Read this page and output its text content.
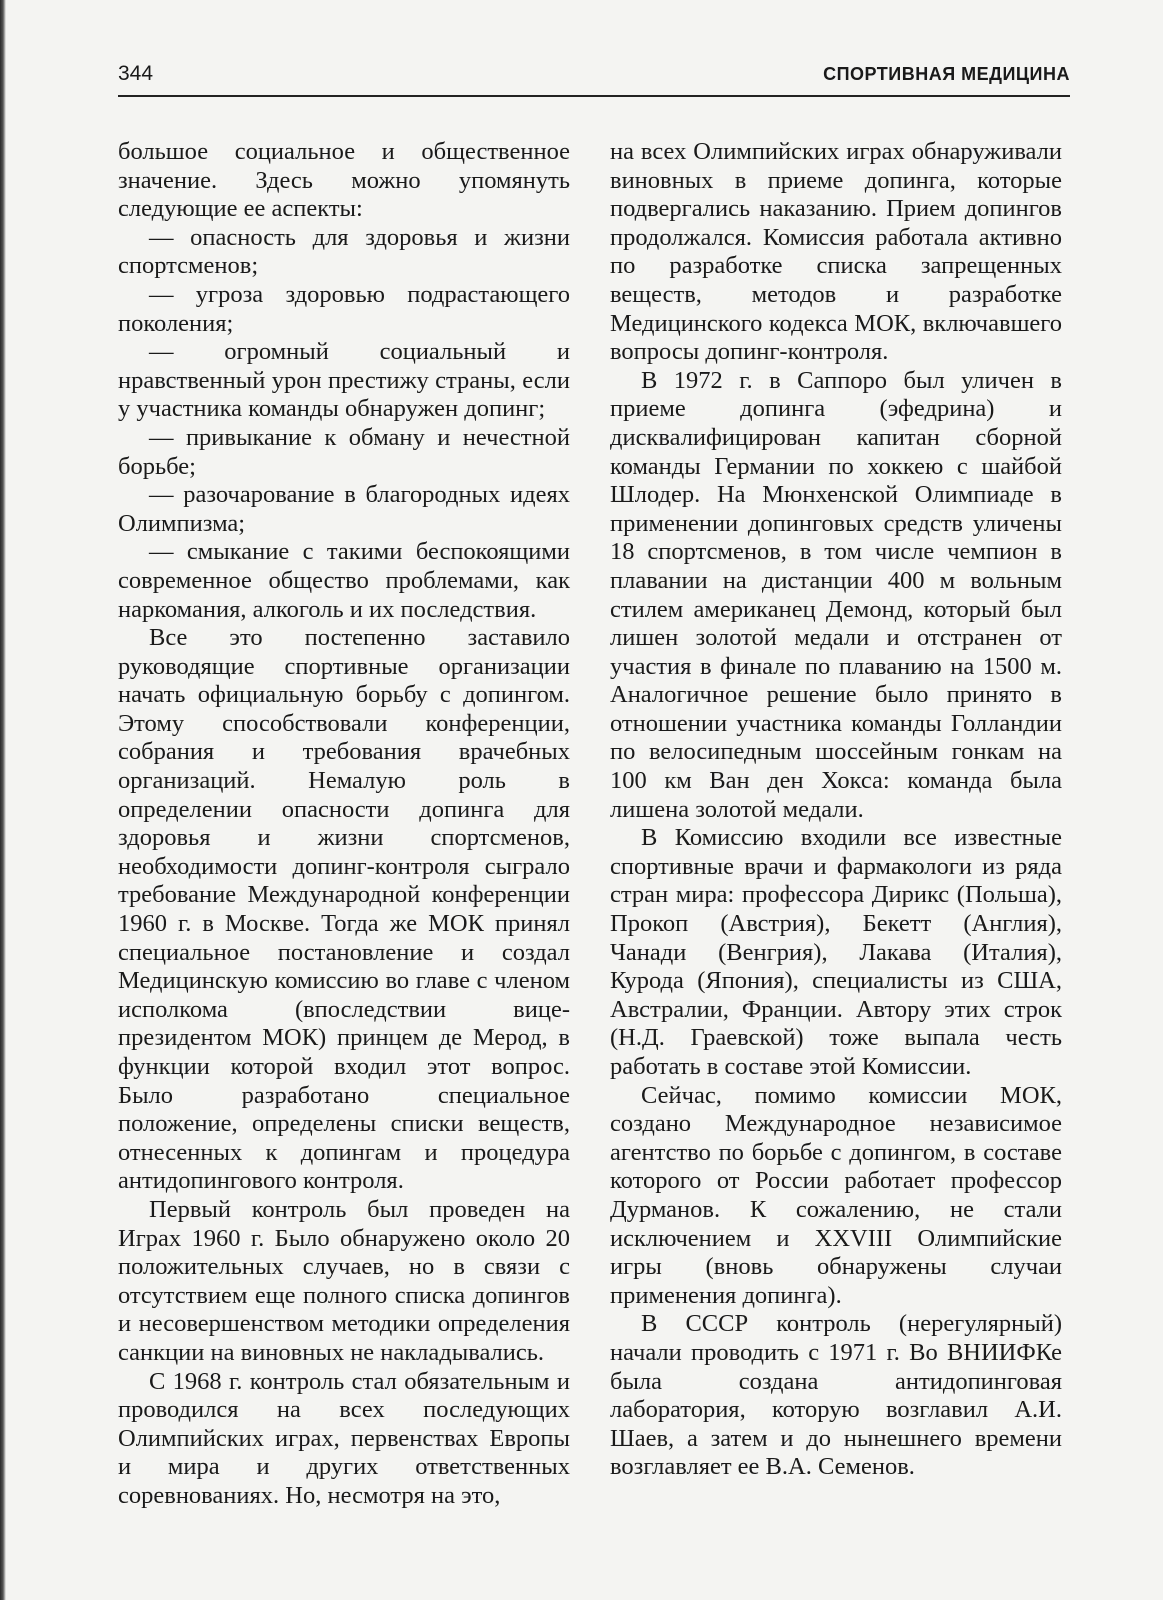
344	СПОРТИВНАЯ МЕДИЦИНА

большое социальное и общественное значение. Здесь можно упомянуть следующие ее аспекты:

— опасность для здоровья и жизни спортсменов;

— угроза здоровью подрастающего поколения;

— огромный социальный и нравственный урон престижу страны, если у участника команды обнаружен допинг;

— привыкание к обману и нечестной борьбе;

— разочарование в благородных идеях Олимпизма;

— смыкание с такими беспокоящими современное общество проблемами, как наркомания, алкоголь и их последствия.

Все это постепенно заставило руководящие спортивные организации начать официальную борьбу с допингом. Этому способствовали конференции, собрания и требования врачебных организаций. Немалую роль в определении опасности допинга для здоровья и жизни спортсменов, необходимости допинг-контроля сыграло требование Международной конференции 1960 г. в Москве. Тогда же МОК принял специальное постановление и создал Медицинскую комиссию во главе с членом исполкома (впоследствии вице-президентом МОК) принцем де Мерод, в функции которой входил этот вопрос. Было разработано специальное положение, определены списки веществ, отнесенных к допингам и процедура антидопингового контроля.

Первый контроль был проведен на Играх 1960 г. Было обнаружено около 20 положительных случаев, но в связи с отсутствием еще полного списка допингов и несовершенством методики определения санкции на виновных не накладывались.

С 1968 г. контроль стал обязательным и проводился на всех последующих Олимпийских играх, первенствах Европы и мира и других ответственных соревнованиях. Но, несмотря на это,

на всех Олимпийских играх обнаруживали виновных в приеме допинга, которые подвергались наказанию. Прием допингов продолжался. Комиссия работала активно по разработке списка запрещенных веществ, методов и разработке Медицинского кодекса МОК, включавшего вопросы допинг-контроля.

В 1972 г. в Саппоро был уличен в приеме допинга (эфедрина) и дисквалифицирован капитан сборной команды Германии по хоккею с шайбой Шлодер. На Мюнхенской Олимпиаде в применении допинговых средств уличены 18 спортсменов, в том числе чемпион в плавании на дистанции 400 м вольным стилем американец Демонд, который был лишен золотой медали и отстранен от участия в финале по плаванию на 1500 м. Аналогичное решение было принято в отношении участника команды Голландии по велосипедным шоссейным гонкам на 100 км Ван ден Хокса: команда была лишена золотой медали.

В Комиссию входили все известные спортивные врачи и фармакологи из ряда стран мира: профессора Дирикс (Польша), Прокоп (Австрия), Бекетт (Англия), Чанади (Венгрия), Лакава (Италия), Курода (Япония), специалисты из США, Австралии, Франции. Автору этих строк (Н.Д. Граевской) тоже выпала честь работать в составе этой Комиссии.

Сейчас, помимо комиссии МОК, создано Международное независимое агентство по борьбе с допингом, в составе которого от России работает профессор Дурманов. К сожалению, не стали исключением и XXVIII Олимпийские игры (вновь обнаружены случаи применения допинга).

В СССР контроль (нерегулярный) начали проводить с 1971 г. Во ВНИИФКе была создана антидопинговая лаборатория, которую возглавил А.И. Шаев, а затем и до нынешнего времени возглавляет ее В.А. Семенов.
